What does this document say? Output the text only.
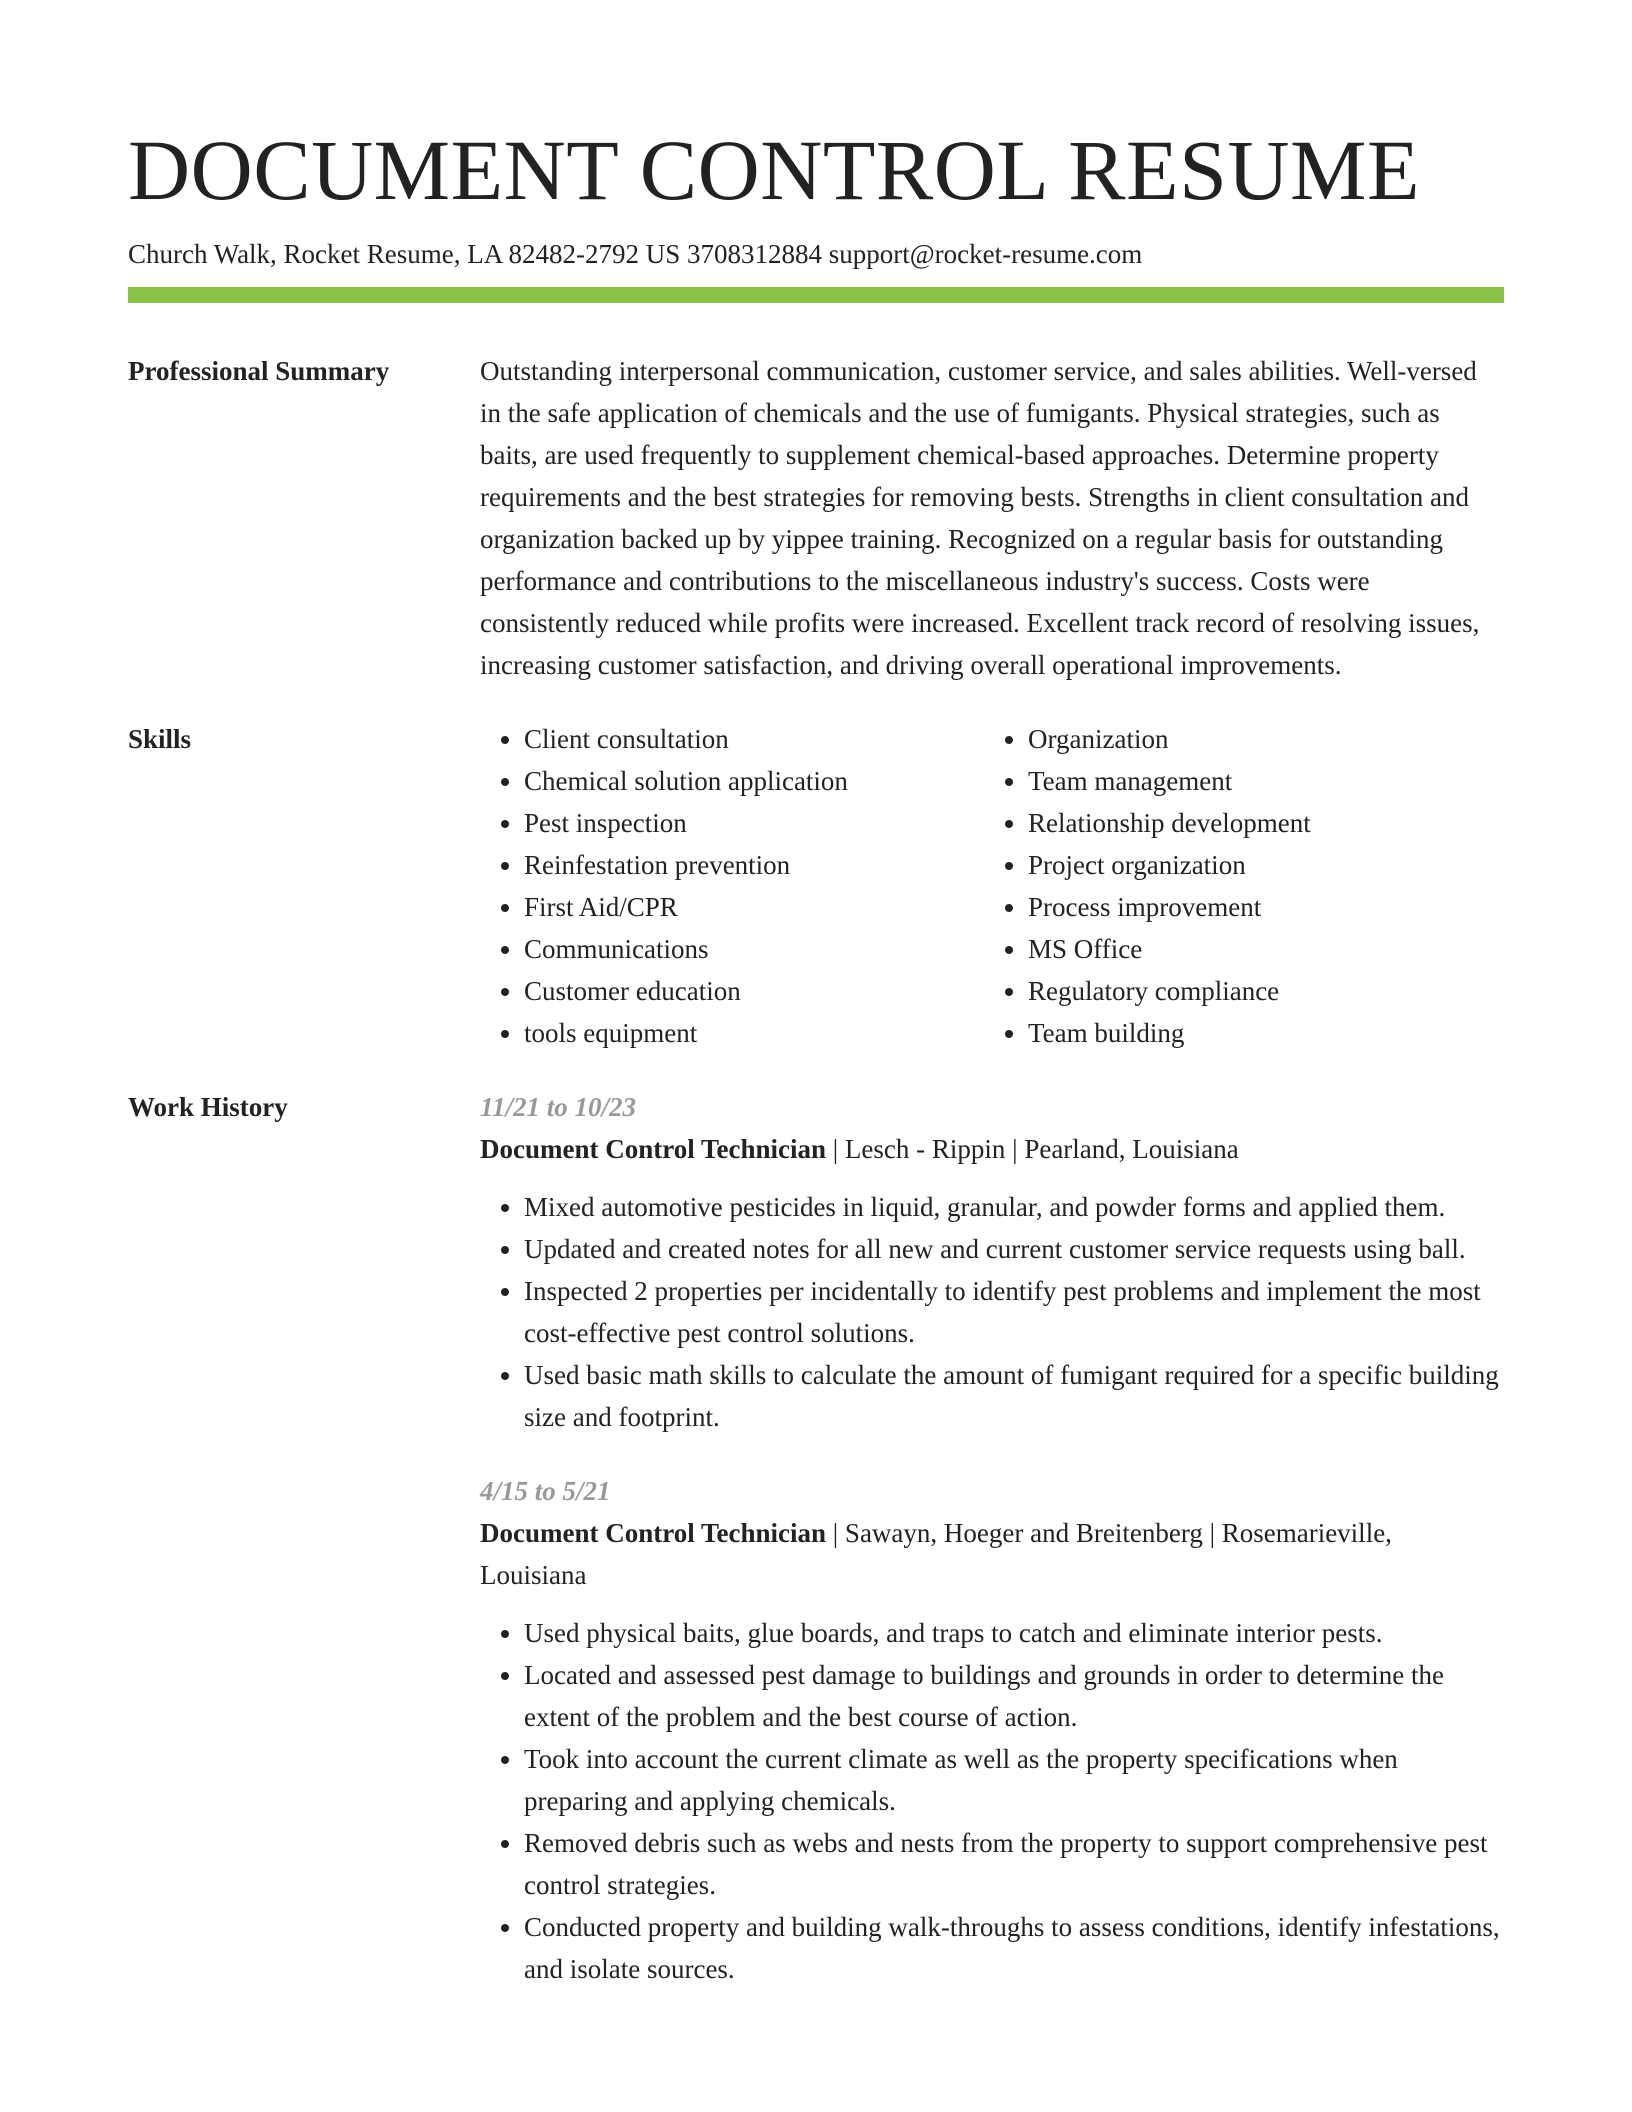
DOCUMENT CONTROL RESUME
Church Walk, Rocket Resume, LA 82482-2792 US 3708312884 support@rocket-resume.com
Professional Summary	Outstanding interpersonal communication, customer service, and sales abilities. Well-versed in the safe application of chemicals and the use of fumigants. Physical strategies, such as baits, are used frequently to supplement chemical-based approaches. Determine property requirements and the best strategies for removing bests. Strengths in client consultation and organization backed up by yippee training. Recognized on a regular basis for outstanding performance and contributions to the miscellaneous industry's success. Costs were consistently reduced while profits were increased. Excellent track record of resolving issues, increasing customer satisfaction, and driving overall operational improvements.

Skills
•	Client consultation
• Chemical solution application
• Pest inspection
• Reinfestation prevention
• First Aid/CPR
• Communications
• Customer education
• tools equipment
• Organization
• Team management
• Relationship development
• Project organization
• Process improvement
• MS Office
• Regulatory compliance
• Team building
Work History	11/21 to 10/23
Document Control Technician | Lesch - Rippin | Pearland, Louisiana
• Mixed automotive pesticides in liquid, granular, and powder forms and applied them.
• Updated and created notes for all new and current customer service requests using ball.
• Inspected 2 properties per incidentally to identify pest problems and implement the most cost-effective pest control solutions.
• Used basic math skills to calculate the amount of fumigant required for a specific building size and footprint.
4/15 to 5/21
Document Control Technician | Sawayn, Hoeger and Breitenberg | Rosemarieville, Louisiana
• Used physical baits, glue boards, and traps to catch and eliminate interior pests.
• Located and assessed pest damage to buildings and grounds in order to determine the extent of the problem and the best course of action.
• Took into account the current climate as well as the property specifications when preparing and applying chemicals.
• Removed debris such as webs and nests from the property to support comprehensive pest control strategies.
• Conducted property and building walk-throughs to assess conditions, identify infestations, and isolate sources.
